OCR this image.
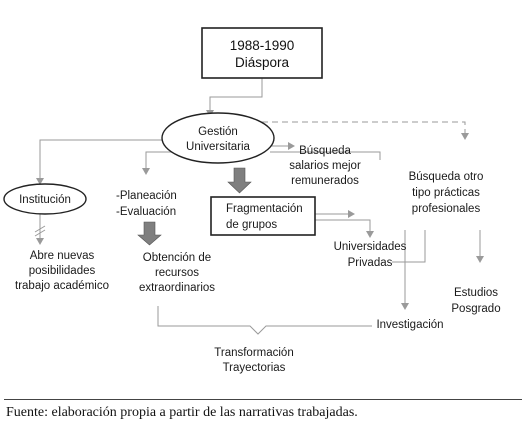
1988-1990
Diáspora
Gestión
Universitaria
Institución
Abre nuevas
posibilidades
trabajo académico
-Planeación
-Evaluación
Obtención de
recursos
extraordinarios
Fragmentación
de grupos
Búsqueda
salarios mejor
remunerados	Búsqueda otro
tipo prácticas
profesionales
Universidades
Privadas
Estudios
Posgrado
Investigación
Transformación
Trayectorias
Fuente: elaboración propia a partir de las narrativas trabajadas.
